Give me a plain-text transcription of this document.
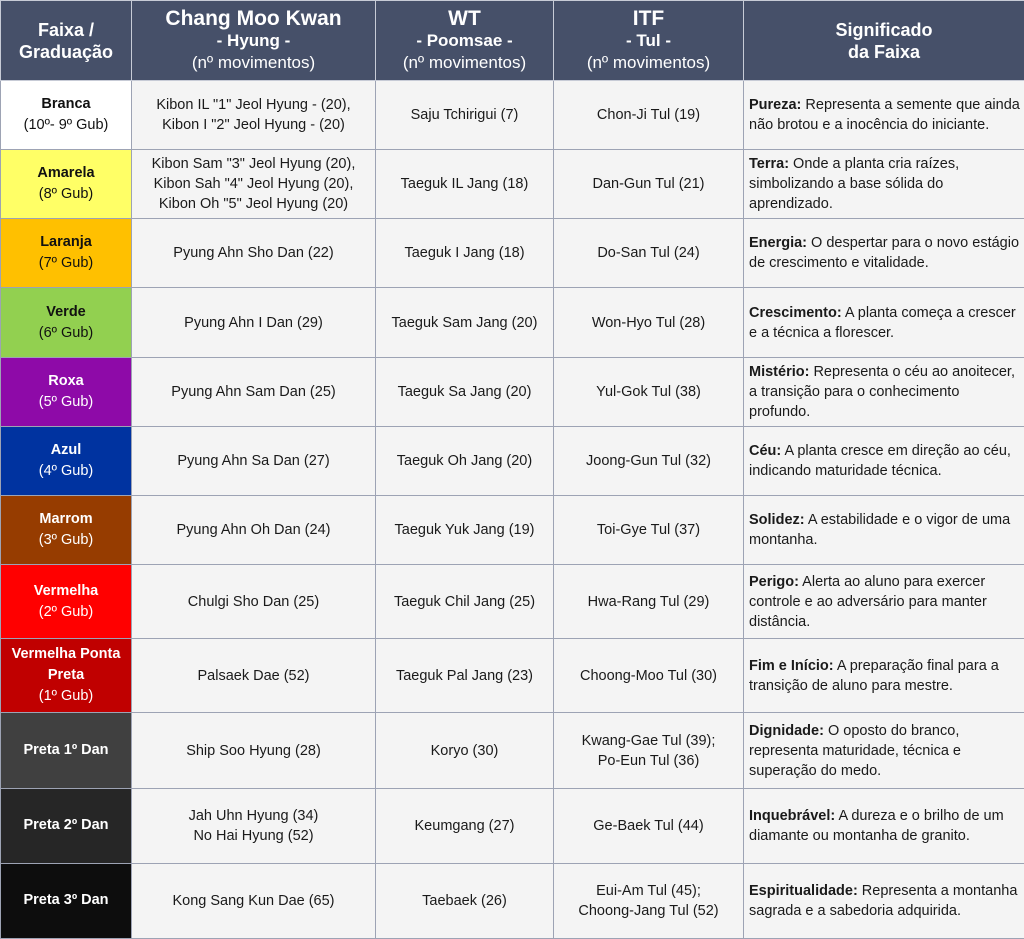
Faixa /
Graduação	Chang Moo Kwan
- Hyung -
(nº movimentos)	WT
- Poomsae -
(nº movimentos)	ITF
- Tul -
(nº movimentos)	Significado
da Faixa

Branca
(10º- 9º Gub)	Kibon IL "1" Jeol Hyung - (20),
Kibon I "2" Jeol Hyung - (20)	Saju Tchirigui (7)	Chon-Ji Tul (19)	Pureza: Representa a semente que ainda não brotou e a inocência do iniciante.

Amarela
(8º Gub)	Kibon Sam "3" Jeol Hyung (20),
Kibon Sah "4" Jeol Hyung (20),
Kibon Oh "5" Jeol Hyung (20)	Taeguk IL Jang (18)	Dan-Gun Tul (21)	Terra: Onde a planta cria raízes, simbolizando a base sólida do aprendizado.

Laranja
(7º Gub)	Pyung Ahn Sho Dan (22)	Taeguk I Jang (18)	Do-San Tul (24)	Energia: O despertar para o novo estágio de crescimento e vitalidade.

Verde
(6º Gub)	Pyung Ahn I Dan (29)	Taeguk Sam Jang (20)	Won-Hyo Tul (28)	Crescimento: A planta começa a crescer e a técnica a florescer.

Roxa
(5º Gub)	Pyung Ahn Sam Dan (25)	Taeguk Sa Jang (20)	Yul-Gok Tul (38)	Mistério: Representa o céu ao anoitecer, a transição para o conhecimento profundo.

Azul
(4º Gub)	Pyung Ahn Sa Dan (27)	Taeguk Oh Jang (20)	Joong-Gun Tul (32)	Céu: A planta cresce em direção ao céu, indicando maturidade técnica.

Marrom
(3º Gub)	Pyung Ahn Oh Dan (24)	Taeguk Yuk Jang (19)	Toi-Gye Tul (37)	Solidez: A estabilidade e o vigor de uma montanha.

Vermelha
(2º Gub)	Chulgi Sho Dan (25)	Taeguk Chil Jang (25)	Hwa-Rang Tul (29)	Perigo: Alerta ao aluno para exercer controle e ao adversário para manter distância.

Vermelha Ponta Preta
(1º Gub)	Palsaek Dae (52)	Taeguk Pal Jang (23)	Choong-Moo Tul (30)	Fim e Início: A preparação final para a transição de aluno para mestre.

Preta 1º Dan	Ship Soo Hyung (28)	Koryo (30)	Kwang-Gae Tul (39);
Po-Eun Tul (36)	Dignidade: O oposto do branco, representa maturidade, técnica e superação do medo.

Preta 2º Dan	Jah Uhn Hyung (34)
No Hai Hyung (52)	Keumgang (27)	Ge-Baek Tul (44)	Inquebrável: A dureza e o brilho de um diamante ou montanha de granito.

Preta 3º Dan	Kong Sang Kun Dae (65)	Taebaek (26)	Eui-Am Tul (45);
Choong-Jang Tul (52)	Espiritualidade: Representa a montanha sagrada e a sabedoria adquirida.
